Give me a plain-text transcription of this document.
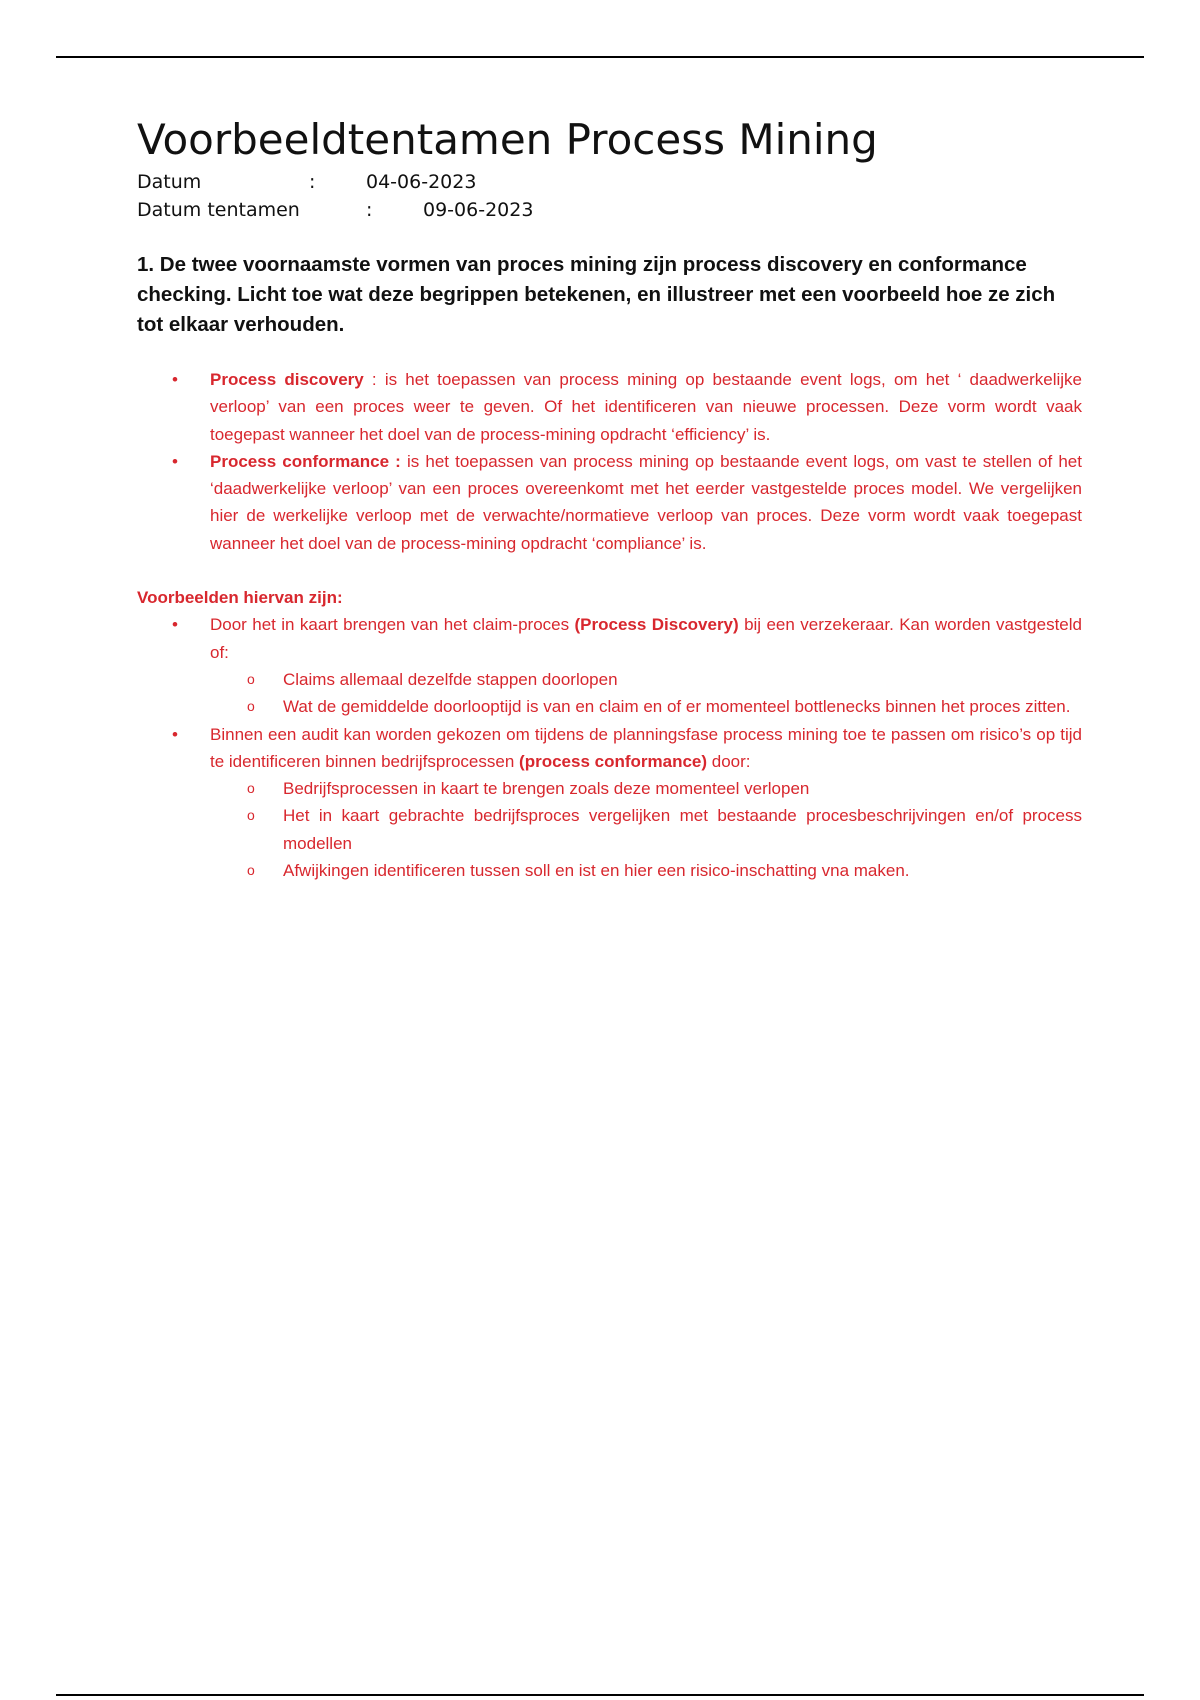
Voorbeeldtentamen Process Mining
Datum	:	04-06-2023
Datum tentamen	:	09-06-2023
1. De twee voornaamste vormen van proces mining zijn process discovery en conformance checking. Licht toe wat deze begrippen betekenen, en illustreer met een voorbeeld hoe ze zich tot elkaar verhouden.
• Process discovery : is het toepassen van process mining op bestaande event logs, om het ‘ daadwerkelijke verloop’ van een proces weer te geven. Of het identificeren van nieuwe processen. Deze vorm wordt vaak toegepast wanneer het doel van de process-mining opdracht ‘efficiency’ is.
• Process conformance : is het toepassen van process mining op bestaande event logs, om vast te stellen of het ‘daadwerkelijke verloop’ van een proces overeenkomt met het eerder vastgestelde proces model. We vergelijken hier de werkelijke verloop met de verwachte/normatieve verloop van proces. Deze vorm wordt vaak toegepast wanneer het doel van de process-mining opdracht ‘compliance’ is.
Voorbeelden hiervan zijn:
• Door het in kaart brengen van het claim-proces (Process Discovery) bij een verzekeraar. Kan worden vastgesteld of:
o Claims allemaal dezelfde stappen doorlopen
o Wat de gemiddelde doorlooptijd is van en claim en of er momenteel bottlenecks binnen het proces zitten.
• Binnen een audit kan worden gekozen om tijdens de planningsfase process mining toe te passen om risico’s op tijd te identificeren binnen bedrijfsprocessen (process conformance) door:
o Bedrijfsprocessen in kaart te brengen zoals deze momenteel verlopen
o Het in kaart gebrachte bedrijfsproces vergelijken met bestaande procesbeschrijvingen en/of process modellen
o Afwijkingen identificeren tussen soll en ist en hier een risico-inschatting vna maken.
